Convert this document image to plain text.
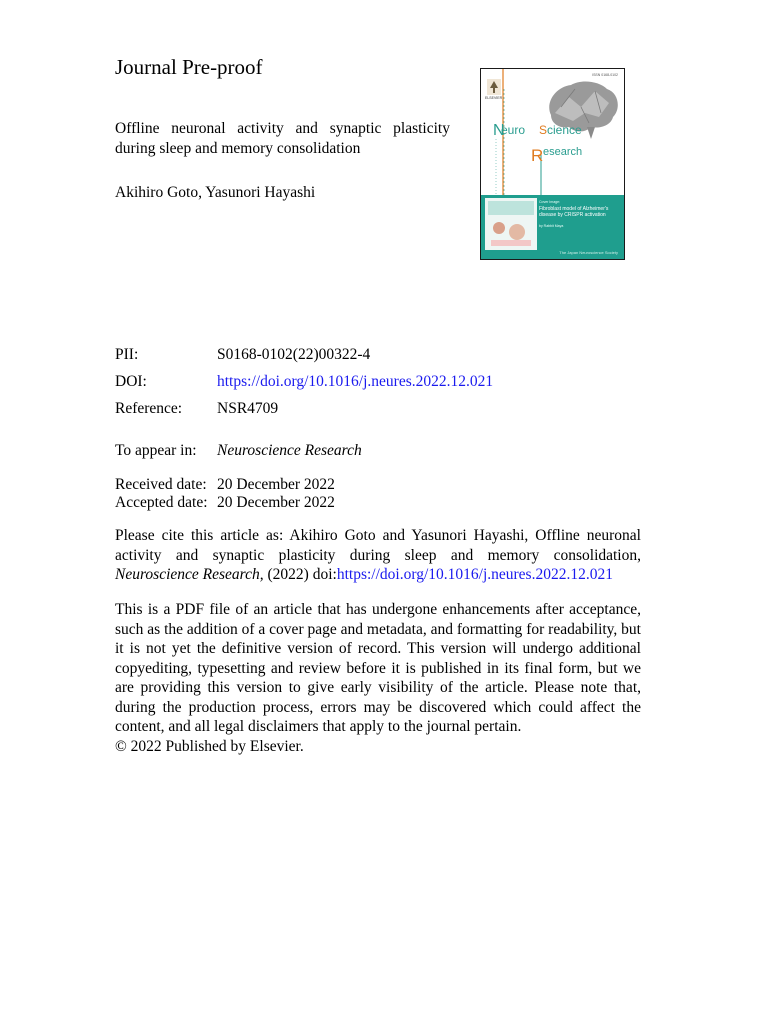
Journal Pre-proof
Offline neuronal activity and synaptic plasticity during sleep and memory consolidation

Akihiro Goto, Yasunori Hayashi

N
R
ISSN 0168-0102
ELSEVIER
euro S cience
esearch
Cover Image:
Fibroblast model of Alzheimer's disease by CRISPR activation
by Rabbit Maya
The Japan Neuroscience Society
PII:	S0168-0102(22)00322-4
DOI:	https://doi.org/10.1016/j.neures.2022.12.021
Reference: NSR4709
To appear in: Neuroscience Research
Received date: 20 December 2022
Accepted date: 20 December 2022

Please cite this article as: Akihiro Goto and Yasunori Hayashi, Offline neuronal activity and synaptic plasticity during sleep and memory consolidation, Neuroscience Research, (2022) doi:https://doi.org/10.1016/j.neures.2022.12.021

This is a PDF file of an article that has undergone enhancements after acceptance, such as the addition of a cover page and metadata, and formatting for readability, but it is not yet the definitive version of record. This version will undergo additional copyediting, typesetting and review before it is published in its final form, but we are providing this version to give early visibility of the article. Please note that, during the production process, errors may be discovered which could affect the content, and all legal disclaimers that apply to the journal pertain.

© 2022 Published by Elsevier.
